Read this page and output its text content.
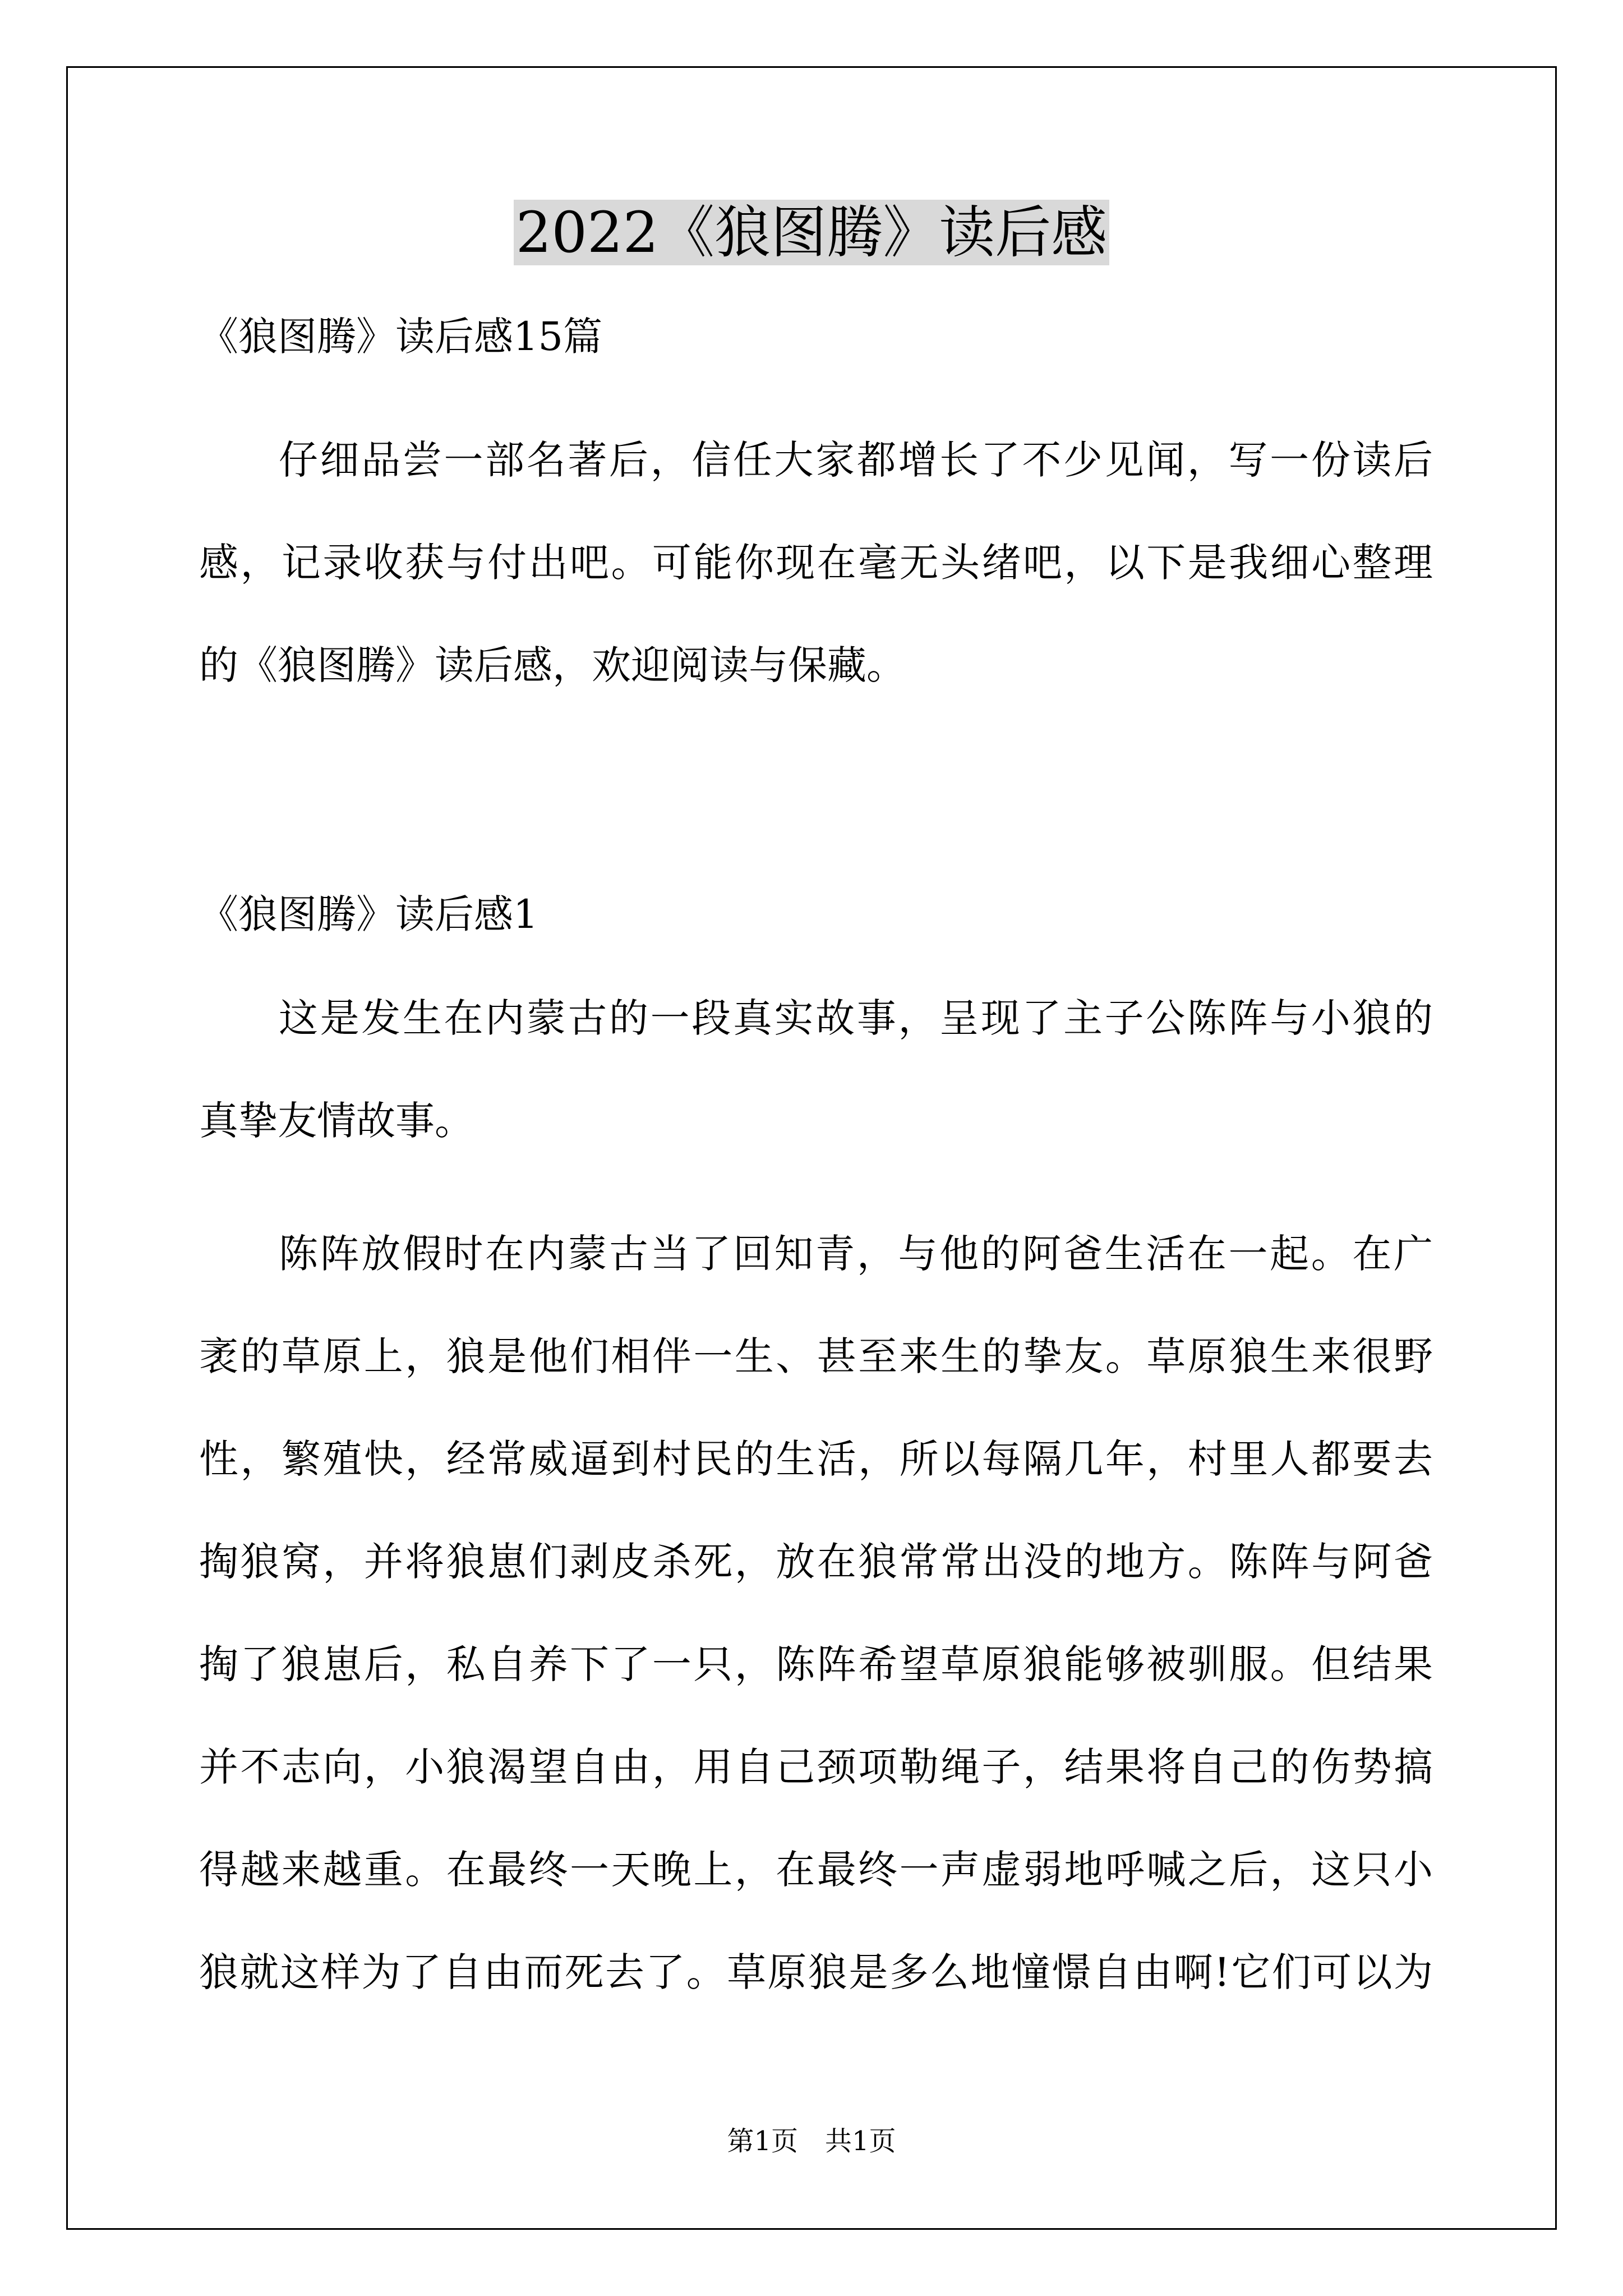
2022《狼图腾》读后感
《狼图腾》读后感15篇
仔细品尝一部名著后，信任大家都增长了不少见闻，写一份读后
感，记录收获与付出吧。可能你现在毫无头绪吧，以下是我细心整理
的《狼图腾》读后感，欢迎阅读与保藏。
《狼图腾》读后感1
这是发生在内蒙古的一段真实故事，呈现了主子公陈阵与小狼的
真挚友情故事。
陈阵放假时在内蒙古当了回知青，与他的阿爸生活在一起。在广
袤的草原上，狼是他们相伴一生、甚至来生的挚友。草原狼生来很野
性，繁殖快，经常威逼到村民的生活，所以每隔几年，村里人都要去
掏狼窝，并将狼崽们剥皮杀死，放在狼常常出没的地方。陈阵与阿爸
掏了狼崽后，私自养下了一只，陈阵希望草原狼能够被驯服。但结果
并不志向，小狼渴望自由，用自己颈项勒绳子，结果将自己的伤势搞
得越来越重。在最终一天晚上，在最终一声虚弱地呼喊之后，这只小
狼就这样为了自由而死去了。草原狼是多么地憧憬自由啊!它们可以为
第1页　共1页
